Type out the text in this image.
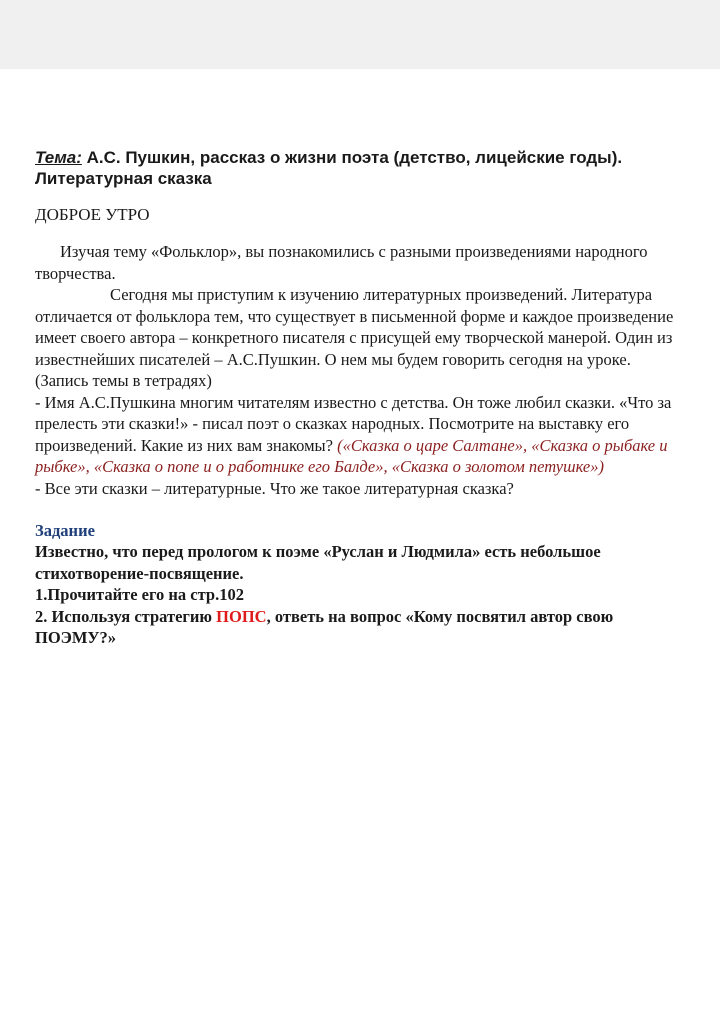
Тема: А.С. Пушкин, рассказ о жизни поэта (детство, лицейские годы). Литературная сказка

ДОБРОЕ УТРО

Изучая тему «Фольклор», вы познакомились с разными произведениями народного творчества.

Сегодня мы приступим к изучению литературных произведений. Литература отличается от фольклора тем, что существует в письменной форме и каждое произведение имеет своего автора – конкретного писателя с присущей ему творческой манерой. Один из известнейших писателей – А.С.Пушкин. О нем мы будем говорить сегодня на уроке. (Запись темы в тетрадях)

- Имя А.С.Пушкина многим читателям известно с детства. Он тоже любил сказки. «Что за прелесть эти сказки!» - писал поэт о сказках народных. Посмотрите на выставку его произведений. Какие из них вам знакомы? («Сказка о царе Салтане», «Сказка о рыбаке и рыбке», «Сказка о попе и о работнике его Балде», «Сказка о золотом петушке»)

- Все эти сказки – литературные. Что же такое литературная сказка?

Задание

Известно, что перед прологом к поэме «Руслан и Людмила» есть небольшое стихотворение-посвящение.

1.Прочитайте его на стр.102

2. Используя стратегию ПОПС, ответь на вопрос «Кому посвятил автор свою ПОЭМУ?»
